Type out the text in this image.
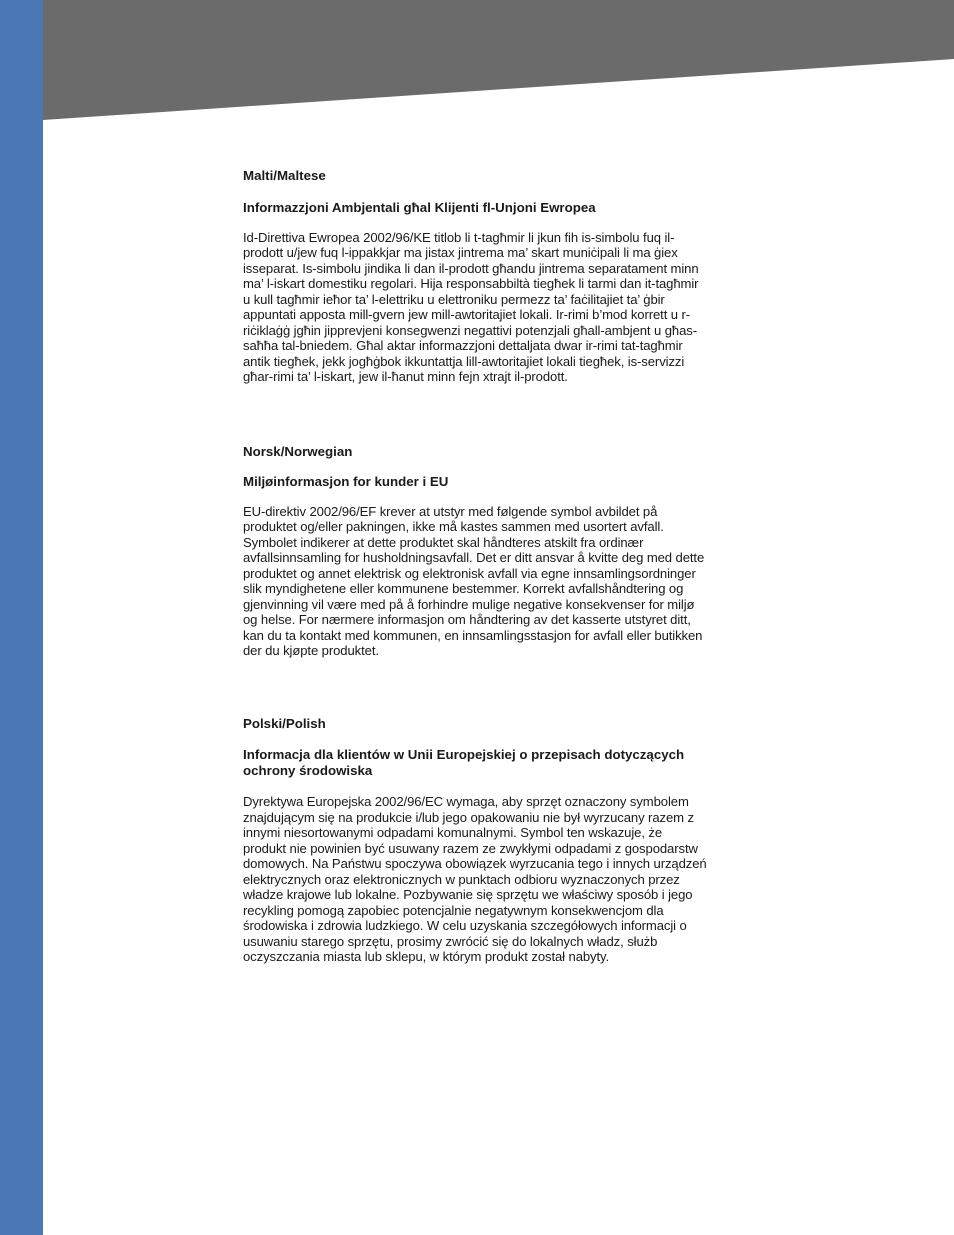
Malti/Maltese
Informazzjoni Ambjentali għal Klijenti fl-Unjoni Ewropea

Id-Direttiva Ewropea 2002/96/KE titlob li t-tagħmir li jkun fih is-simbolu fuq il-
prodott u/jew fuq l-ippakkjar ma jistax jintrema ma’ skart muniċipali li ma ġiex
isseparat. Is-simbolu jindika li dan il-prodott għandu jintrema separatament minn
ma’ l-iskart domestiku regolari. Hija responsabbiltà tiegħek li tarmi dan it-tagħmir
u kull tagħmir ieħor ta’ l-elettriku u elettroniku permezz ta’ faċilitajiet ta’ ġbir
appuntati apposta mill-gvern jew mill-awtoritajiet lokali. Ir-rimi b’mod korrett u r-
riċiklaġġ jgħin jipprevjeni konsegwenzi negattivi potenzjali għall-ambjent u għas-
saħħa tal-bniedem. Għal aktar informazzjoni dettaljata dwar ir-rimi tat-tagħmir
antik tiegħek, jekk jogħġbok ikkuntattja lill-awtoritajiet lokali tiegħek, is-servizzi
għar-rimi ta’ l-iskart, jew il-ħanut minn fejn xtrajt il-prodott.

Norsk/Norwegian
Miljøinformasjon for kunder i EU

EU-direktiv 2002/96/EF krever at utstyr med følgende symbol avbildet på
produktet og/eller pakningen, ikke må kastes sammen med usortert avfall.
Symbolet indikerer at dette produktet skal håndteres atskilt fra ordinær
avfallsinnsamling for husholdningsavfall. Det er ditt ansvar å kvitte deg med dette
produktet og annet elektrisk og elektronisk avfall via egne innsamlingsordninger
slik myndighetene eller kommunene bestemmer. Korrekt avfallshåndtering og
gjenvinning vil være med på å forhindre mulige negative konsekvenser for miljø
og helse. For nærmere informasjon om håndtering av det kasserte utstyret ditt,
kan du ta kontakt med kommunen, en innsamlingsstasjon for avfall eller butikken
der du kjøpte produktet.

Polski/Polish
Informacja dla klientów w Unii Europejskiej o przepisach dotyczących
ochrony środowiska

Dyrektywa Europejska 2002/96/EC wymaga, aby sprzęt oznaczony symbolem
znajdującym się na produkcie i/lub jego opakowaniu nie był wyrzucany razem z
innymi niesortowanymi odpadami komunalnymi. Symbol ten wskazuje, że
produkt nie powinien być usuwany razem ze zwykłymi odpadami z gospodarstw
domowych. Na Państwu spoczywa obowiązek wyrzucania tego i innych urządzeń
elektrycznych oraz elektronicznych w punktach odbioru wyznaczonych przez
władze krajowe lub lokalne. Pozbywanie się sprzętu we właściwy sposób i jego
recykling pomogą zapobiec potencjalnie negatywnym konsekwencjom dla
środowiska i zdrowia ludzkiego. W celu uzyskania szczegółowych informacji o
usuwaniu starego sprzętu, prosimy zwrócić się do lokalnych władz, służb
oczyszczania miasta lub sklepu, w którym produkt został nabyty.
